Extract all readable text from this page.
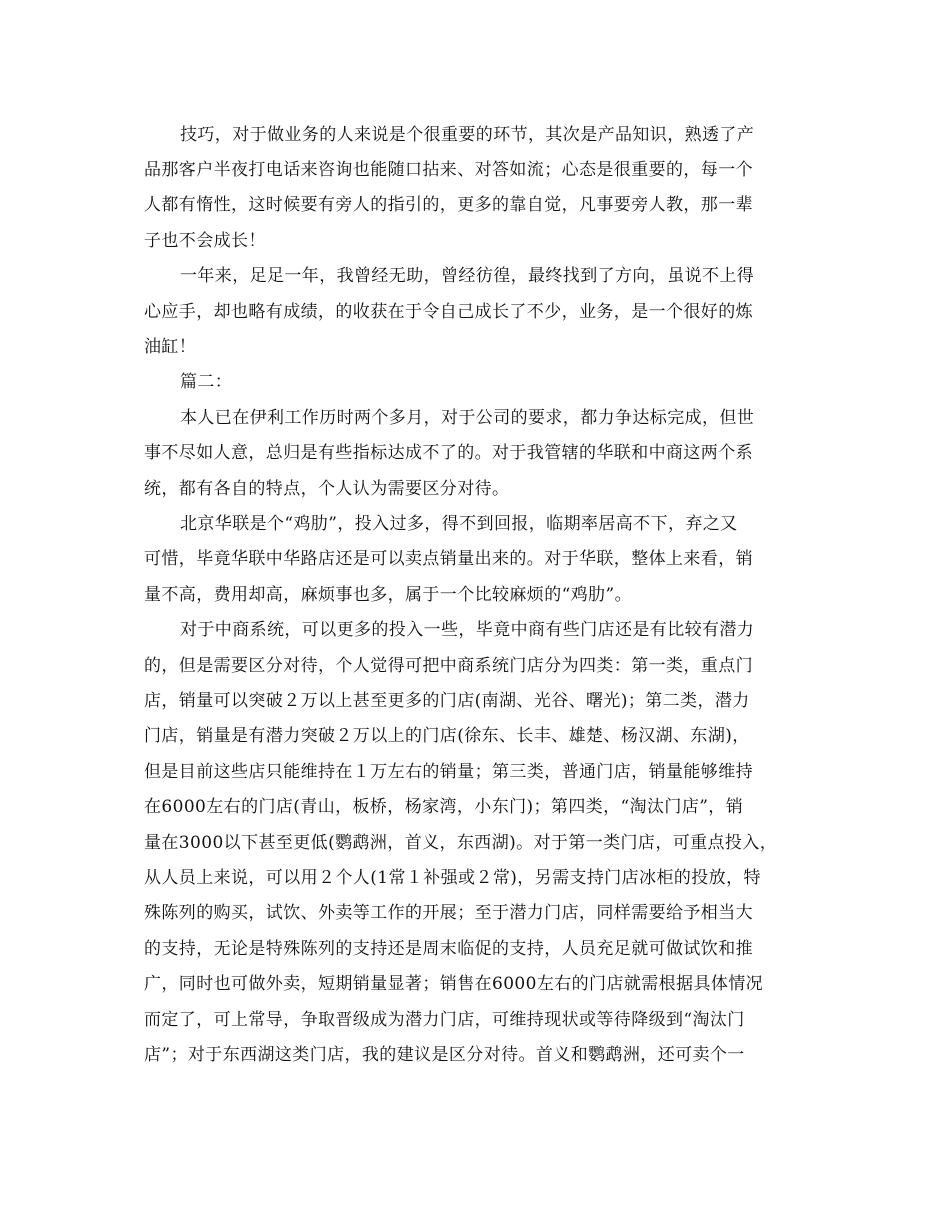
技巧，对于做业务的人来说是个很重要的环节，其次是产品知识，熟透了产
品那客户半夜打电话来咨询也能随口拈来、对答如流；心态是很重要的，每一个
人都有惰性，这时候要有旁人的指引的，更多的靠自觉，凡事要旁人教，那一辈
子也不会成长！
一年来，足足一年，我曾经无助，曾经彷徨，最终找到了方向，虽说不上得
心应手，却也略有成绩，的收获在于令自己成长了不少，业务，是一个很好的炼
油缸！
篇二：
本人已在伊利工作历时两个多月，对于公司的要求，都力争达标完成，但世
事不尽如人意，总归是有些指标达成不了的。对于我管辖的华联和中商这两个系
统，都有各自的特点，个人认为需要区分对待。
北京华联是个“鸡肋”，投入过多，得不到回报，临期率居高不下，弃之又
可惜，毕竟华联中华路店还是可以卖点销量出来的。对于华联，整体上来看，销
量不高，费用却高，麻烦事也多，属于一个比较麻烦的“鸡肋”。
对于中商系统，可以更多的投入一些，毕竟中商有些门店还是有比较有潜力
的，但是需要区分对待，个人觉得可把中商系统门店分为四类：第一类，重点门
店，销量可以突破２万以上甚至更多的门店(南湖、光谷、曙光)；第二类，潜力
门店，销量是有潜力突破２万以上的门店(徐东、长丰、雄楚、杨汉湖、东湖)，
但是目前这些店只能维持在１万左右的销量；第三类，普通门店，销量能够维持
在6000左右的门店(青山，板桥，杨家湾，小东门)；第四类，“淘汰门店”，销
量在3000以下甚至更低(鹦鹉洲，首义，东西湖)。对于第一类门店，可重点投入，
从人员上来说，可以用２个人(1常１补强或２常)，另需支持门店冰柜的投放，特
殊陈列的购买，试饮、外卖等工作的开展；至于潜力门店，同样需要给予相当大
的支持，无论是特殊陈列的支持还是周末临促的支持，人员充足就可做试饮和推
广，同时也可做外卖，短期销量显著；销售在6000左右的门店就需根据具体情况
而定了，可上常导，争取晋级成为潜力门店，可维持现状或等待降级到“淘汰门
店”；对于东西湖这类门店，我的建议是区分对待。首义和鹦鹉洲，还可卖个一
